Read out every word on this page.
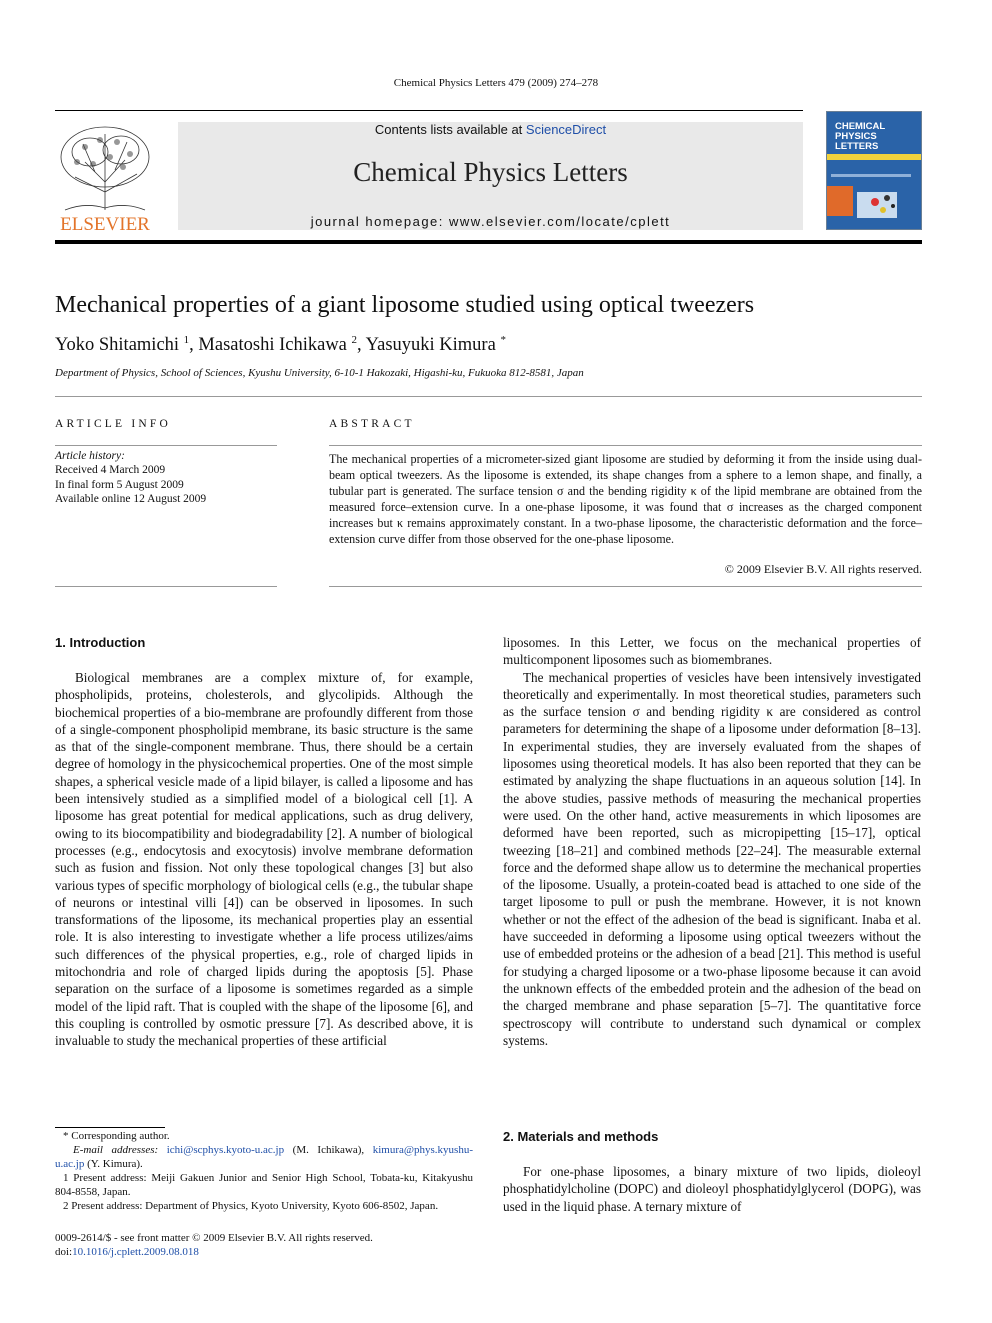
Chemical Physics Letters 479 (2009) 274–278
ELSEVIER
Contents lists available at ScienceDirect
Chemical Physics Letters
journal homepage: www.elsevier.com/locate/cplett
CHEMICAL
PHYSICS
LETTERS
Mechanical properties of a giant liposome studied using optical tweezers
Yoko Shitamichi $^1$, Masatoshi Ichikawa $^2$, Yasuyuki Kimura *
Department of Physics, School of Sciences, Kyushu University, 6-10-1 Hakozaki, Higashi-ku, Fukuoka 812-8581, Japan
ARTICLE INFO	ABSTRACT
Article history:
Received 4 March 2009
In final form 5 August 2009
Available online 12 August 2009
The mechanical properties of a micrometer-sized giant liposome are studied by deforming it from the inside using dual-beam optical tweezers. As the liposome is extended, its shape changes from a sphere to a lemon shape, and finally, a tubular part is generated. The surface tension σ and the bending rigidity κ of the lipid membrane are obtained from the measured force–extension curve. In a one-phase liposome, it was found that σ increases as the charged component increases but κ remains approximately constant. In a two-phase liposome, the characteristic deformation and the force–extension curve differ from those observed for the one-phase liposome.
© 2009 Elsevier B.V. All rights reserved.
1. Introduction

Biological membranes are a complex mixture of, for example, phospholipids, proteins, cholesterols, and glycolipids. Although the biochemical properties of a bio-membrane are profoundly different from those of a single-component phospholipid membrane, its basic structure is the same as that of the single-component membrane. Thus, there should be a certain degree of homology in the physicochemical properties. One of the most simple shapes, a spherical vesicle made of a lipid bilayer, is called a liposome and has been intensively studied as a simplified model of a biological cell [1]. A liposome has great potential for medical applications, such as drug delivery, owing to its biocompatibility and biodegradability [2]. A number of biological processes (e.g., endocytosis and exocytosis) involve membrane deformation such as fusion and fission. Not only these topological changes [3] but also various types of specific morphology of biological cells (e.g., the tubular shape of neurons or intestinal villi [4]) can be observed in liposomes. In such transformations of the liposome, its mechanical properties play an essential role. It is also interesting to investigate whether a life process utilizes/aims such differences of the physical properties, e.g., role of charged lipids in mitochondria and role of charged lipids during the apoptosis [5]. Phase separation on the surface of a liposome is sometimes regarded as a simple model of the lipid raft. That is coupled with the shape of the liposome [6], and this coupling is controlled by osmotic pressure [7]. As described above, it is invaluable to study the mechanical properties of these artificial

liposomes. In this Letter, we focus on the mechanical properties of multicomponent liposomes such as biomembranes.

The mechanical properties of vesicles have been intensively investigated theoretically and experimentally. In most theoretical studies, parameters such as the surface tension σ and bending rigidity κ are considered as control parameters for determining the shape of a liposome under deformation [8–13]. In experimental studies, they are inversely evaluated from the shapes of liposomes using theoretical models. It has also been reported that they can be estimated by analyzing the shape fluctuations in an aqueous solution [14]. In the above studies, passive methods of measuring the mechanical properties were used. On the other hand, active measurements in which liposomes are deformed have been reported, such as micropipetting [15–17], optical tweezing [18–21] and combined methods [22–24]. The measurable external force and the deformed shape allow us to determine the mechanical properties of the liposome. Usually, a protein-coated bead is attached to one side of the target liposome to pull or push the membrane. However, it is not known whether or not the effect of the adhesion of the bead is significant. Inaba et al. have succeeded in deforming a liposome using optical tweezers without the use of embedded proteins or the adhesion of a bead [21]. This method is useful for studying a charged liposome or a two-phase liposome because it can avoid the unknown effects of the embedded protein and the adhesion of the bead on the charged membrane and phase separation [5–7]. The quantitative force spectroscopy will contribute to understand such dynamical or complex systems.

2. Materials and methods

For one-phase liposomes, a binary mixture of two lipids, dioleoyl phosphatidylcholine (DOPC) and dioleoyl phosphatidylglycerol (DOPG), was used in the liquid phase. A ternary mixture of

* Corresponding author.

E-mail addresses: ichi@scphys.kyoto-u.ac.jp (M. Ichikawa), kimura@phys.kyushu-u.ac.jp (Y. Kimura).

1 Present address: Meiji Gakuen Junior and Senior High School, Tobata-ku, Kitakyushu 804-8558, Japan.

2 Present address: Department of Physics, Kyoto University, Kyoto 606-8502, Japan.

0009-2614/$ - see front matter © 2009 Elsevier B.V. All rights reserved.
doi:10.1016/j.cplett.2009.08.018
